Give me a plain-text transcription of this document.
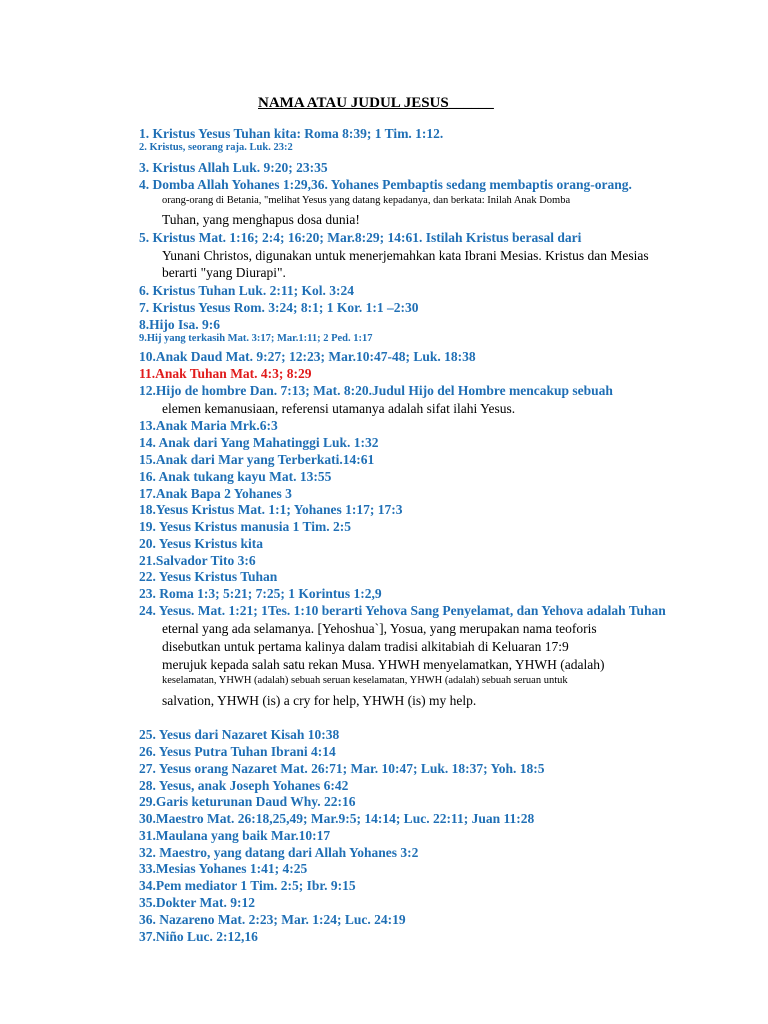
NAMA ATAU JUDUL JESUS______
1. Kristus Yesus Tuhan kita: Roma 8:39; 1 Tim. 1:12.
2. Kristus, seorang raja. Luk. 23:2
3. Kristus Allah Luk. 9:20; 23:35
4. Domba Allah Yohanes 1:29,36. Yohanes Pembaptis sedang membaptis orang-orang.
orang-orang di Betania, "melihat Yesus yang datang kepadanya, dan berkata: Inilah Anak Domba
Tuhan, yang menghapus dosa dunia!
5. Kristus Mat. 1:16; 2:4; 16:20; Mar.8:29; 14:61. Istilah Kristus berasal dari
Yunani Christos, digunakan untuk menerjemahkan kata Ibrani Mesias. Kristus dan Mesias
berarti "yang Diurapi".
6. Kristus Tuhan Luk. 2:11; Kol. 3:24
7. Kristus Yesus Rom. 3:24; 8:1; 1 Kor. 1:1 –2:30
8.Hijo Isa. 9:6
9.Hij yang terkasih Mat. 3:17; Mar.1:11; 2 Ped. 1:17
10.Anak Daud Mat. 9:27; 12:23; Mar.10:47-48; Luk. 18:38
11.Anak Tuhan Mat. 4:3; 8:29
12.Hijo de hombre Dan. 7:13; Mat. 8:20.Judul Hijo del Hombre mencakup sebuah
elemen kemanusiaan, referensi utamanya adalah sifat ilahi Yesus.
13.Anak Maria Mrk.6:3
14. Anak dari Yang Mahatinggi Luk. 1:32
15.Anak dari Mar yang Terberkati.14:61
16. Anak tukang kayu Mat. 13:55
17.Anak Bapa 2 Yohanes 3
18.Yesus Kristus Mat. 1:1; Yohanes 1:17; 17:3
19. Yesus Kristus manusia 1 Tim. 2:5
20. Yesus Kristus kita
21.Salvador Tito 3:6
22. Yesus Kristus Tuhan
23. Roma 1:3; 5:21; 7:25; 1 Korintus 1:2,9
24. Yesus. Mat. 1:21; 1Tes. 1:10 berarti Yehova Sang Penyelamat, dan Yehova adalah Tuhan
eternal yang ada selamanya. [Yehoshua`], Yosua, yang merupakan nama teoforis
disebutkan untuk pertama kalinya dalam tradisi alkitabiah di Keluaran 17:9
merujuk kepada salah satu rekan Musa. YHWH menyelamatkan, YHWH (adalah)
keselamatan, YHWH (adalah) sebuah seruan keselamatan, YHWH (adalah) sebuah seruan untuk
salvation, YHWH (is) a cry for help, YHWH (is) my help.
25. Yesus dari Nazaret Kisah 10:38
26. Yesus Putra Tuhan Ibrani 4:14
27. Yesus orang Nazaret Mat. 26:71; Mar. 10:47; Luk. 18:37; Yoh. 18:5
28. Yesus, anak Joseph Yohanes 6:42
29.Garis keturunan Daud Why. 22:16
30.Maestro Mat. 26:18,25,49; Mar.9:5; 14:14; Luc. 22:11; Juan 11:28
31.Maulana yang baik Mar.10:17
32. Maestro, yang datang dari Allah Yohanes 3:2
33.Mesias Yohanes 1:41; 4:25
34.Pem mediator 1 Tim. 2:5; Ibr. 9:15
35.Dokter Mat. 9:12
36. Nazareno Mat. 2:23; Mar. 1:24; Luc. 24:19
37.Niño Luc. 2:12,16
